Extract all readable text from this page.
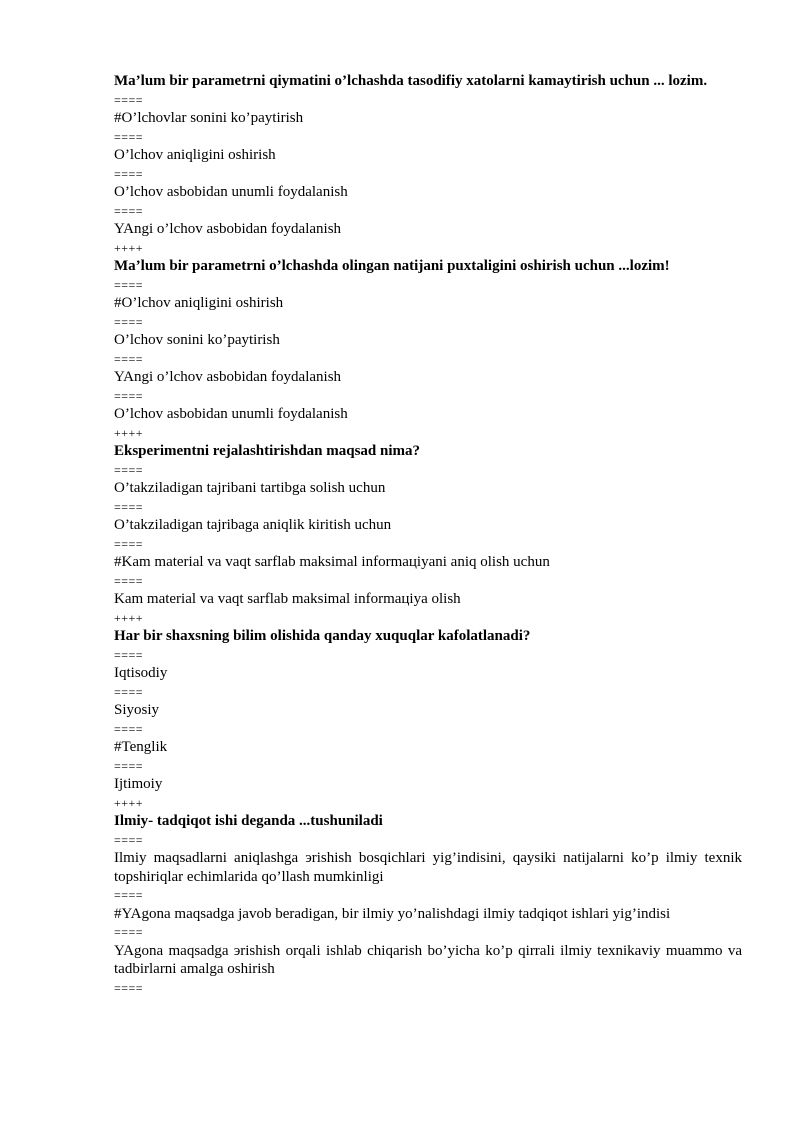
Ma’lum bir parametrni qiymatini o’lchashda tasodifiy xatolarni kamaytirish uchun ... lozim.
====
#O’lchovlar sonini ko’paytirish
====
O’lchov aniqligini oshirish
====
O’lchov asbobidan unumli foydalanish
====
YAngi o’lchov asbobidan foydalanish
++++
Ma’lum bir parametrni o’lchashda olingan natijani puxtaligini oshirish uchun ...lozim!
====
#O’lchov aniqligini oshirish
====
O’lchov sonini ko’paytirish
====
YAngi o’lchov asbobidan foydalanish
====
O’lchov asbobidan unumli foydalanish
++++
Eksperimentni rejalashtirishdan maqsad nima?
====
O’takziladigan tajribani tartibga solish uchun
====
O’takziladigan tajribaga aniqlik kiritish uchun
====
#Kam material va vaqt sarflab maksimal informaцiyani aniq olish uchun
====
Kam material va vaqt sarflab maksimal informaцiya olish
++++
Har bir shaxsning bilim olishida qanday xuquqlar kafolatlanadi?
====
Iqtisodiy
====
Siyosiy
====
#Tenglik
====
Ijtimoiy
++++
Ilmiy- tadqiqot ishi deganda ...tushuniladi
====
Ilmiy maqsadlarni aniqlashga эrishish bosqichlari yig’indisini, qaysiki natijalarni ko’p ilmiy texnik topshiriqlar echimlarida qo’llash mumkinligi
====
#YAgona maqsadga javob beradigan, bir ilmiy yo’nalishdagi ilmiy tadqiqot ishlari yig’indisi
====
YAgona maqsadga эrishish orqali ishlab chiqarish bo’yicha ko’p qirrali ilmiy texnikaviy muammo va tadbirlarni amalga oshirish
====
